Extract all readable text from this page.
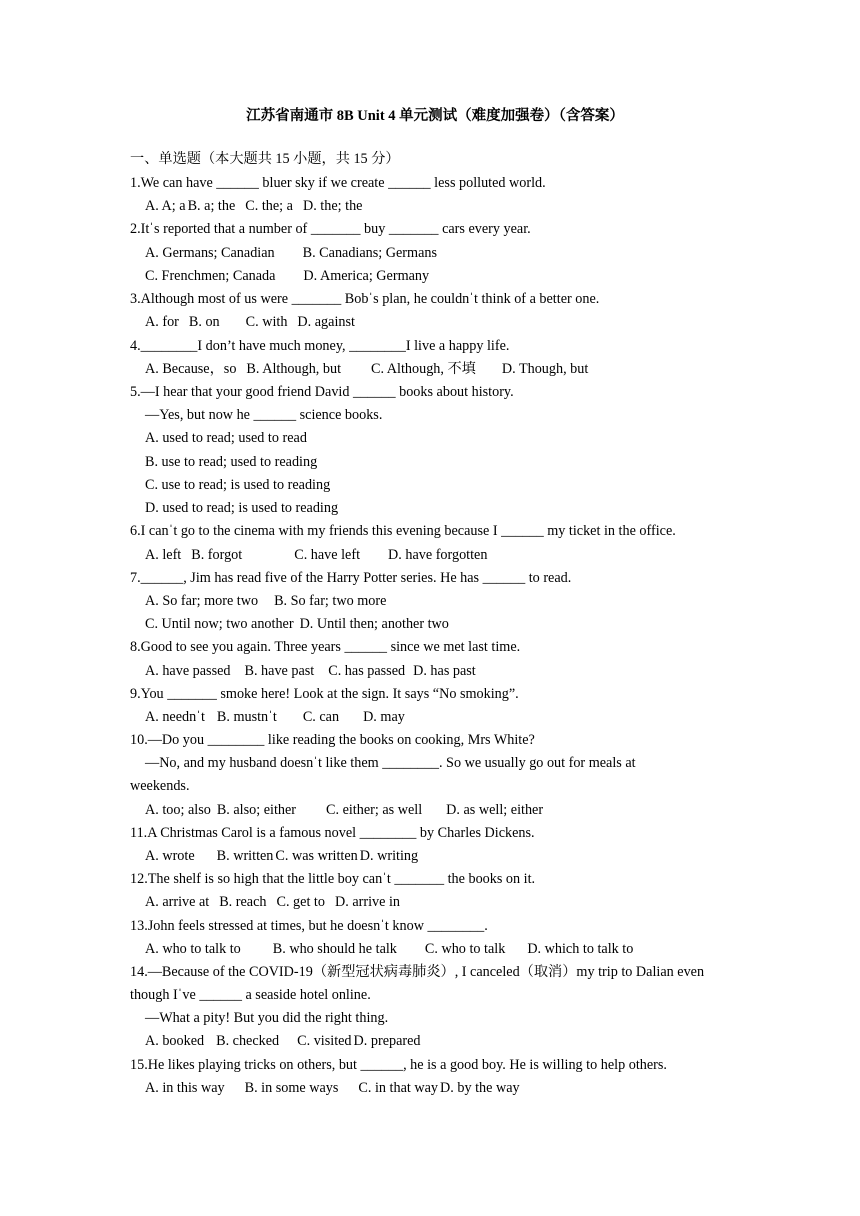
江苏省南通市 8B Unit 4 单元测试（难度加强卷）（含答案）
一、单选题（本大题共 15 小题，共 15 分）
1.We can have ______ bluer sky if we create ______ less polluted world.
A. A; a B. a; the C. the; a D. the; the
2.Itˈs reported that a number of _______ buy _______ cars every year.
A. Germans; Canadian B. Canadians; Germans
C. Frenchmen; Canada D. America; Germany
3.Although most of us were _______ Bobˈs plan, he couldnˈt think of a better one.
A. for B. on C. with D. against
4.________I don’t have much money, ________I live a happy life.
A. Because，so B. Although, but C. Although, 不填 D. Though, but
5.—I hear that your good friend David ______ books about history.
—Yes, but now he ______ science books.
A. used to read; used to read
B. use to read; used to reading
C. use to read; is used to reading
D. used to read; is used to reading
6.I canˈt go to the cinema with my friends this evening because I ______ my ticket in the office.
A. left B. forgot	C. have left D. have forgotten
7.______, Jim has read five of the Harry Potter series. He has ______ to read.
A. So far; more two B. So far; two more
C. Until now; two another D. Until then; another two
8.Good to see you again. Three years ______ since we met last time.
A. have passed B. have past C. has passed D. has past
9.You _______ smoke here! Look at the sign. It says “No smoking”.
A. neednˈt B. mustnˈt C. can D. may
10.—Do you ________ like reading the books on cooking, Mrs White?
—No, and my husband doesnˈt like them ________. So we usually go out for meals at
weekends.
A. too; also B. also; either C. either; as well D. as well; either
11.A Christmas Carol is a famous novel ________ by Charles Dickens.
A. wrote B. written C. was written D. writing
12.The shelf is so high that the little boy canˈt _______ the books on it.
A. arrive at B. reach C. get to D. arrive in
13.John feels stressed at times, but he doesnˈt know ________.
A. who to talk to B. who should he talk C. who to talk D. which to talk to
14.—Because of the COVID-19（新型冠状病毒肺炎）, I canceled（取消）my trip to Dalian even
though Iˈve ______ a seaside hotel online.
—What a pity! But you did the right thing.
A. booked B. checked C. visited D. prepared
15.He likes playing tricks on others, but ______, he is a good boy. He is willing to help others.
A. in this way B. in some ways C. in that way D. by the way
